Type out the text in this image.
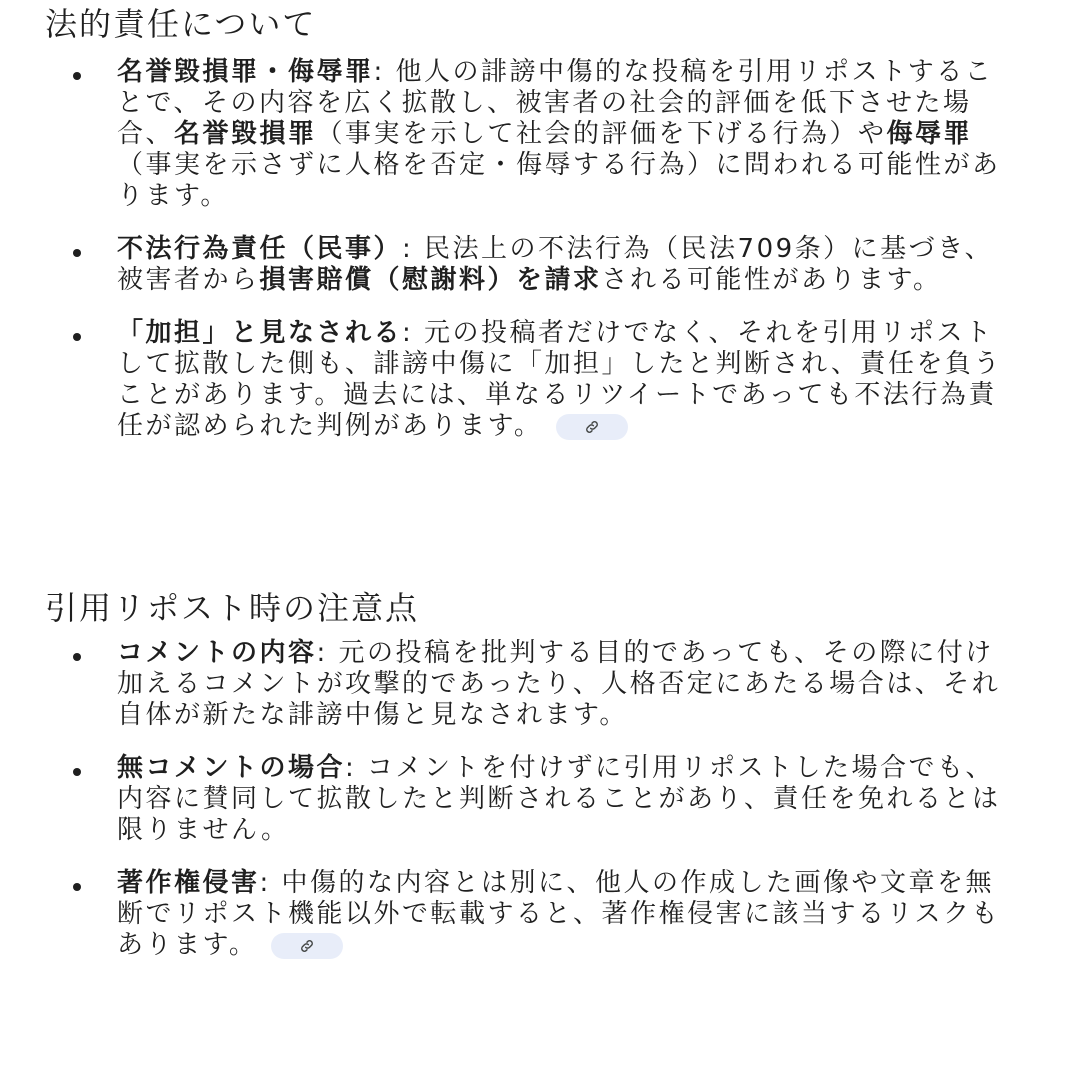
法的責任について
名誉毀損罪・侮辱罪: 他人の誹謗中傷的な投稿を引用リポストすることで、その内容を広く拡散し、被害者の社会的評価を低下させた場合、名誉毀損罪（事実を示して社会的評価を下げる行為）や侮辱罪（事実を示さずに人格を否定・侮辱する行為）に問われる可能性があります。
不法行為責任（民事）: 民法上の不法行為（民法709条）に基づき、被害者から損害賠償（慰謝料）を請求される可能性があります。
「加担」と見なされる: 元の投稿者だけでなく、それを引用リポストして拡散した側も、誹謗中傷に「加担」したと判断され、責任を負うことがあります。過去には、単なるリツイートであっても不法行為責任が認められた判例があります。
引用リポスト時の注意点
コメントの内容: 元の投稿を批判する目的であっても、その際に付け加えるコメントが攻撃的であったり、人格否定にあたる場合は、それ自体が新たな誹謗中傷と見なされます。
無コメントの場合: コメントを付けずに引用リポストした場合でも、内容に賛同して拡散したと判断されることがあり、責任を免れるとは限りません。
著作権侵害: 中傷的な内容とは別に、他人の作成した画像や文章を無断でリポスト機能以外で転載すると、著作権侵害に該当するリスクもあります。
